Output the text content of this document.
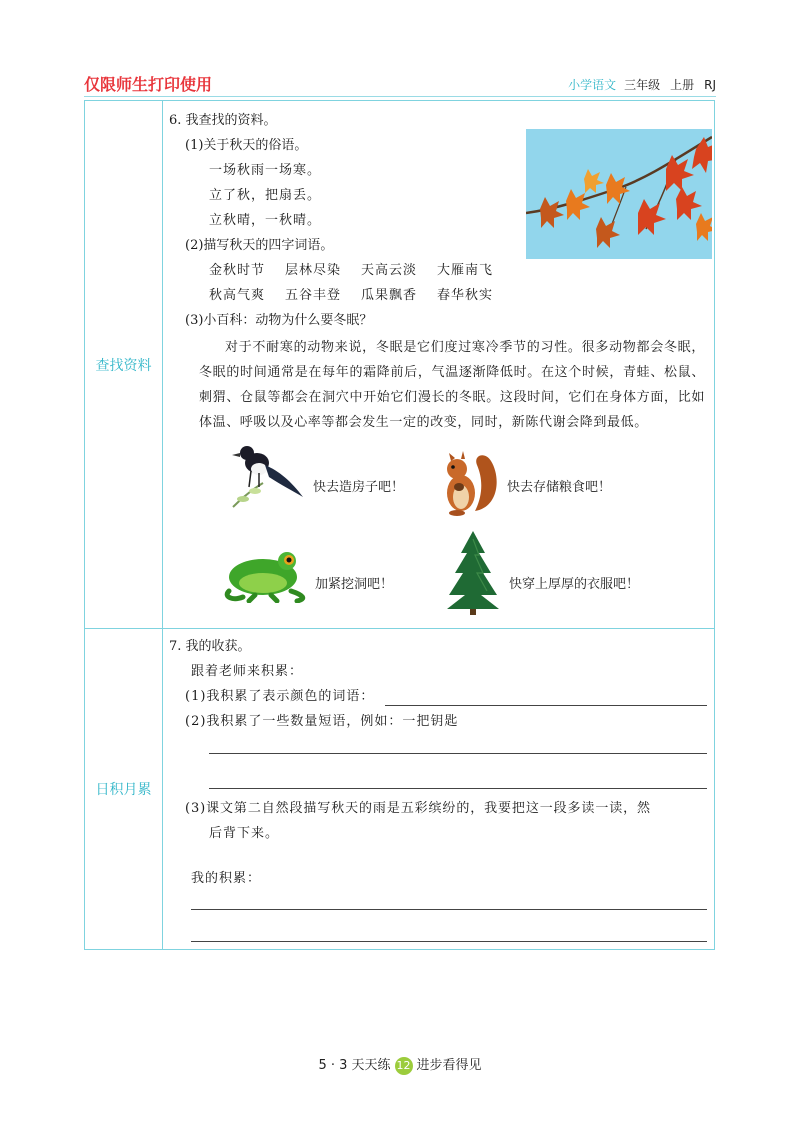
仅限师生打印使用	小学语文 三年级 上册 RJ
查找资料
6. 我查找的资料。
(1)关于秋天的俗语。
一场秋雨一场寒。
立了秋，把扇丢。
立秋晴，一秋晴。
(2)描写秋天的四字词语。
金秋时节 层林尽染 天高云淡 大雁南飞
秋高气爽 五谷丰登 瓜果飘香 春华秋实
(3)小百科：动物为什么要冬眠？
对于不耐寒的动物来说，冬眠是它们度过寒冷季节的习性。很多动物都会冬眠，冬眠的时间通常是在每年的霜降前后，气温逐渐降低时。在这个时候，青蛙、松鼠、刺猬、仓鼠等都会在洞穴中开始它们漫长的冬眠。这段时间，它们在身体方面，比如体温、呼吸以及心率等都会发生一定的改变，同时，新陈代谢会降到最低。
快去造房子吧！	快去存储粮食吧！
加紧挖洞吧！	快穿上厚厚的衣服吧！
日积月累
7. 我的收获。
跟着老师来积累：
(1)我积累了表示颜色的词语：
(2)我积累了一些数量短语，例如：一把钥匙
(3)课文第二自然段描写秋天的雨是五彩缤纷的，我要把这一段多读一读，然
后背下来。
我的积累：
5 · 3 天天练 12 进步看得见
